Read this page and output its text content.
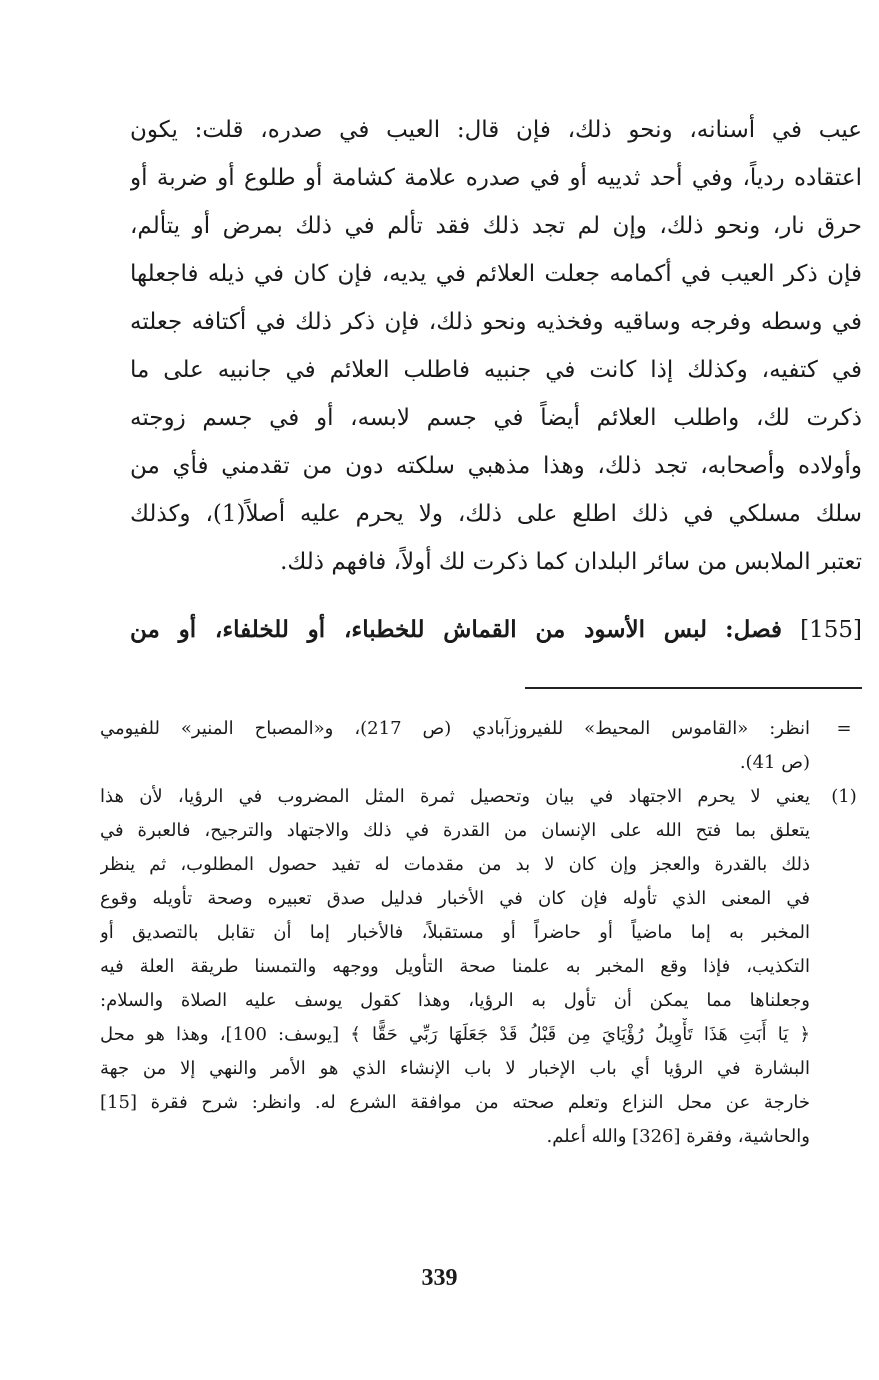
عيب في أسنانه، ونحو ذلك، فإن قال: العيب في صدره، قلت: يكون
اعتقاده ردياً، وفي أحد ثدييه أو في صدره علامة كشامة أو طلوع أو ضربة أو
حرق نار، ونحو ذلك، وإن لم تجد ذلك فقد تألم في ذلك بمرض أو يتألم،
فإن ذكر العيب في أكمامه جعلت العلائم في يديه، فإن كان في ذيله فاجعلها
في وسطه وفرجه وساقيه وفخذيه ونحو ذلك، فإن ذكر ذلك في أكتافه جعلته
في كتفيه، وكذلك إذا كانت في جنبيه فاطلب العلائم في جانبيه على ما
ذكرت لك، واطلب العلائم أيضاً في جسم لابسه، أو في جسم زوجته
وأولاده وأصحابه، تجد ذلك، وهذا مذهبي سلكته دون من تقدمني فأي من
سلك مسلكي في ذلك اطلع على ذلك، ولا يحرم عليه أصلاً(1)، وكذلك
تعتبر الملابس من سائر البلدان كما ذكرت لك أولاً، فافهم ذلك.
[155] فصل: لبس الأسود من القماش للخطباء، أو للخلفاء، أو من
=
انظر: «القاموس المحيط» للفيروزآبادي (ص 217)، و«المصباح المنير» للفيومي
(ص 41).
(1)
يعني لا يحرم الاجتهاد في بيان وتحصيل ثمرة المثل المضروب في الرؤيا، لأن هذا
يتعلق بما فتح الله على الإنسان من القدرة في ذلك والاجتهاد والترجيح، فالعبرة في
ذلك بالقدرة والعجز وإن كان لا بد من مقدمات له تفيد حصول المطلوب، ثم ينظر
في المعنى الذي تأوله فإن كان في الأخبار فدليل صدق تعبيره وصحة تأويله وقوع
المخبر به إما ماضياً أو حاضراً أو مستقبلاً، فالأخبار إما أن تقابل بالتصديق أو
التكذيب، فإذا وقع المخبر به علمنا صحة التأويل ووجهه والتمسنا طريقة العلة فيه
وجعلناها مما يمكن أن تأول به الرؤيا، وهذا كقول يوسف عليه الصلاة والسلام:
﴿ يَا أَبَتِ هَذَا تَأْوِيلُ رُؤْيَايَ مِن قَبْلُ قَدْ جَعَلَهَا رَبِّي حَقًّا ﴾ [يوسف: 100]، وهذا هو محل
البشارة في الرؤيا أي باب الإخبار لا باب الإنشاء الذي هو الأمر والنهي إلا من جهة
خارجة عن محل النزاع وتعلم صحته من موافقة الشرع له. وانظر: شرح فقرة [15]
والحاشية، وفقرة [326] والله أعلم.
339
